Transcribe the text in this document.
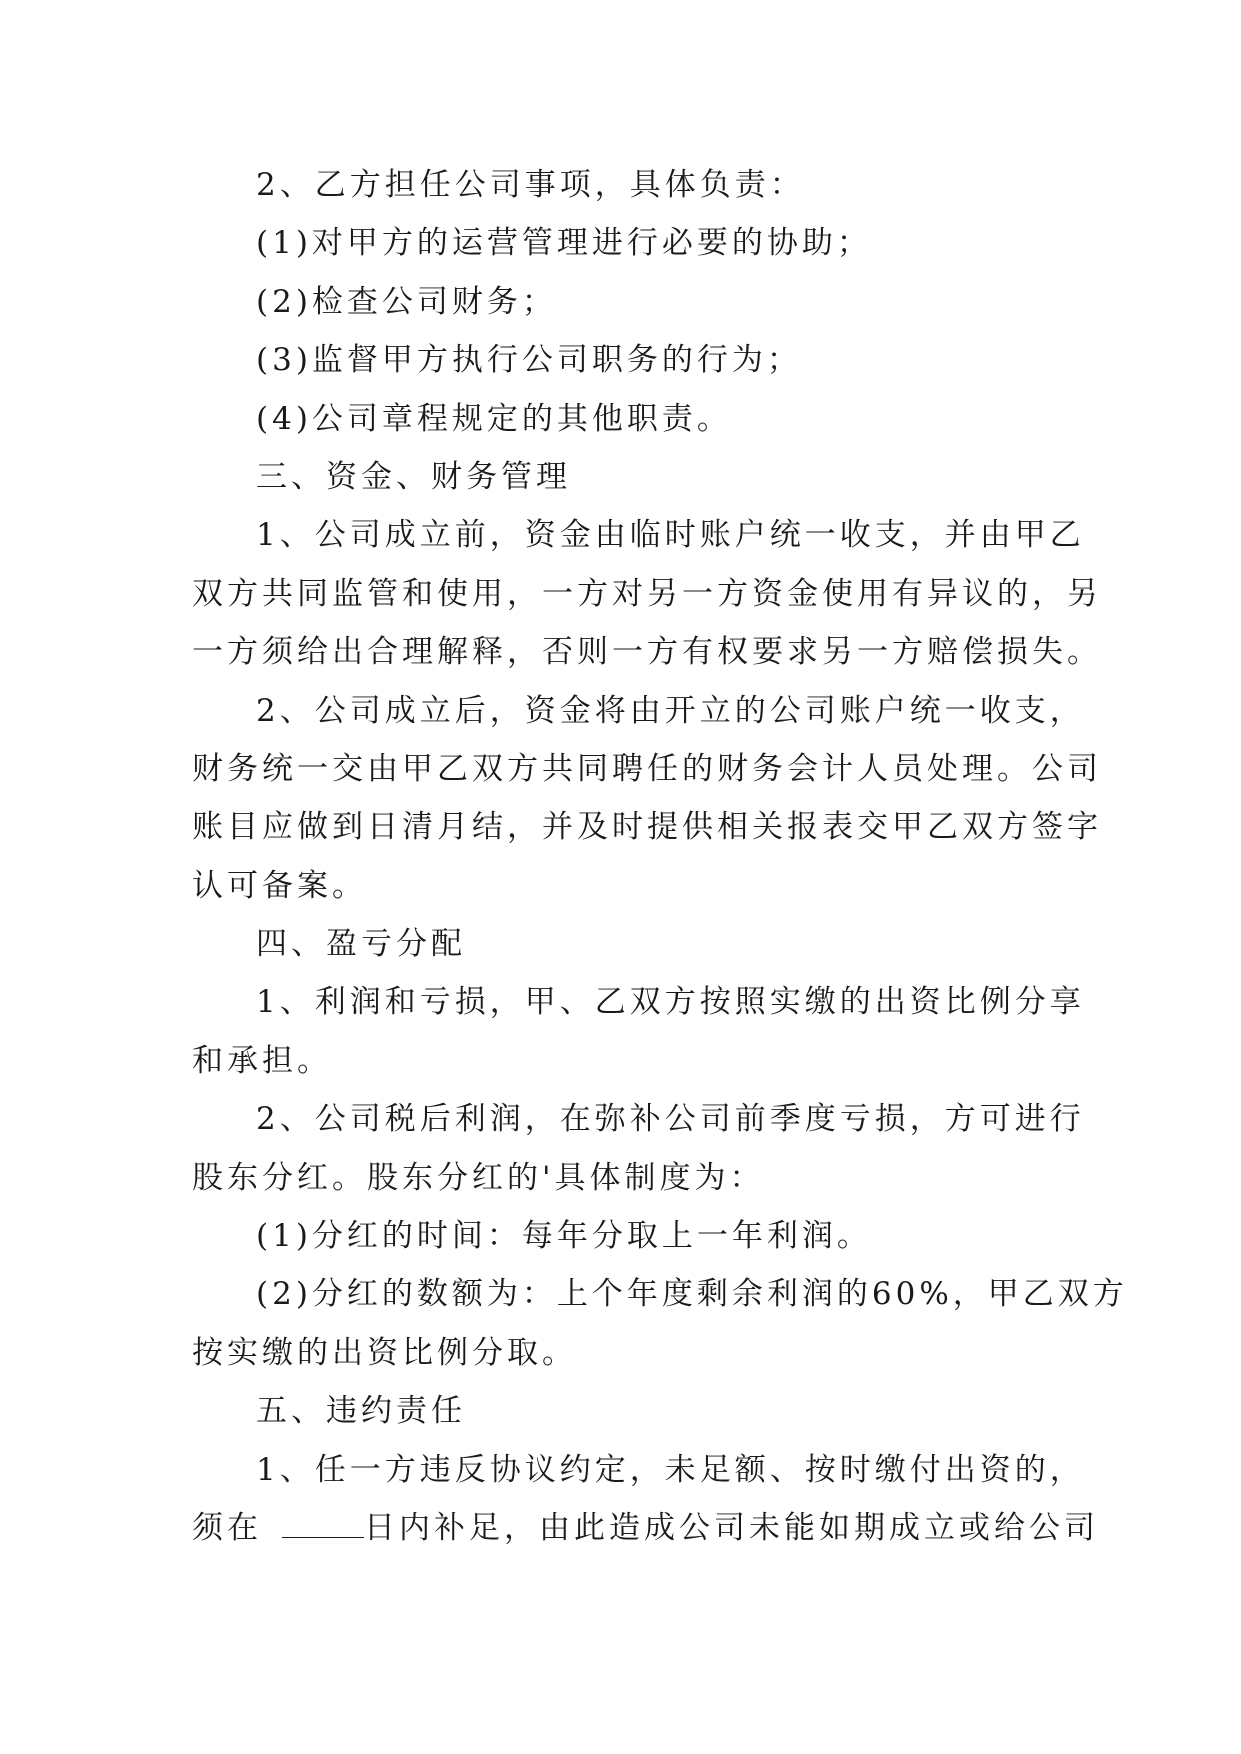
2、乙方担任公司事项，具体负责：
(1)对甲方的运营管理进行必要的协助；
(2)检查公司财务；
(3)监督甲方执行公司职务的行为；
(4)公司章程规定的其他职责。
三、资金、财务管理
1、公司成立前，资金由临时账户统一收支，并由甲乙
双方共同监管和使用，一方对另一方资金使用有异议的，另
一方须给出合理解释，否则一方有权要求另一方赔偿损失。
2、公司成立后，资金将由开立的公司账户统一收支，
财务统一交由甲乙双方共同聘任的财务会计人员处理。公司
账目应做到日清月结，并及时提供相关报表交甲乙双方签字
认可备案。
四、盈亏分配
1、利润和亏损，甲、乙双方按照实缴的出资比例分享
和承担。
2、公司税后利润，在弥补公司前季度亏损，方可进行
股东分红。股东分红的'具体制度为：
(1)分红的时间：每年分取上一年利润。
(2)分红的数额为：上个年度剩余利润的60%，甲乙双方
按实缴的出资比例分取。
五、违约责任
1、任一方违反协议约定，未足额、按时缴付出资的，
须在	日内补足，由此造成公司未能如期成立或给公司
